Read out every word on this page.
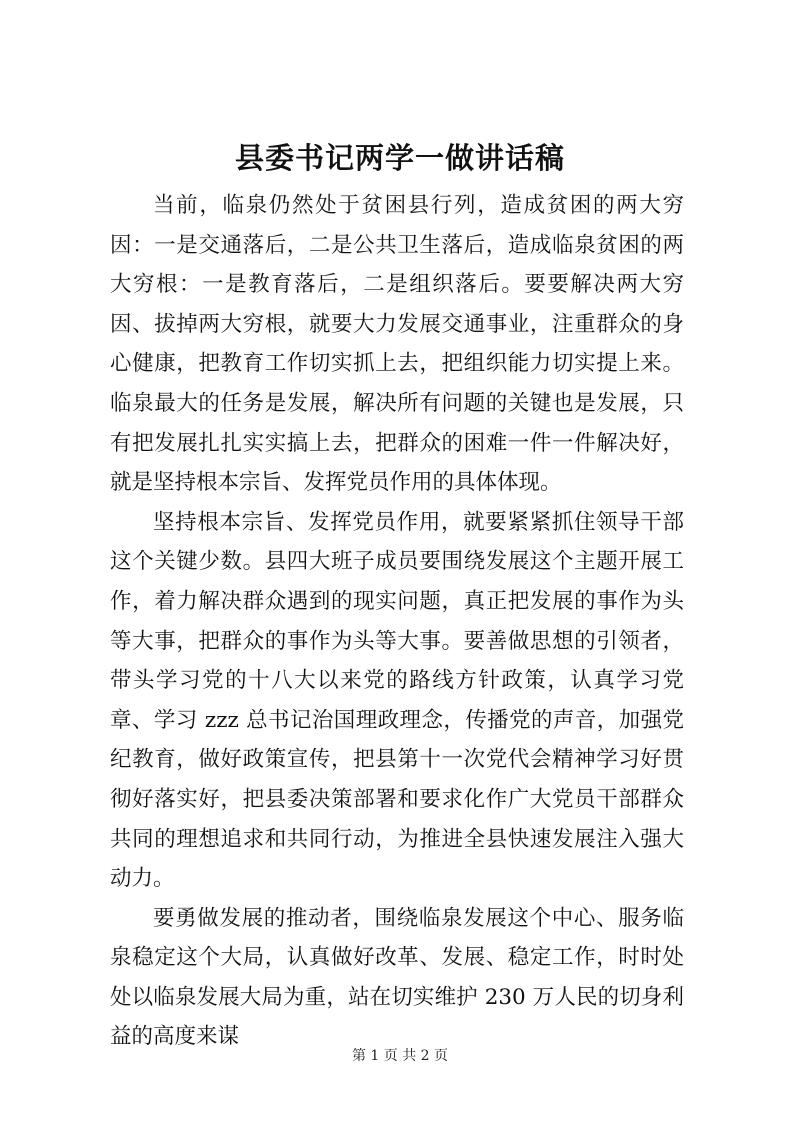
县委书记两学一做讲话稿

当前，临泉仍然处于贫困县行列，造成贫困的两大穷因：一是交通落后，二是公共卫生落后，造成临泉贫困的两大穷根：一是教育落后，二是组织落后。要要解决两大穷因、拔掉两大穷根，就要大力发展交通事业，注重群众的身心健康，把教育工作切实抓上去，把组织能力切实提上来。临泉最大的任务是发展，解决所有问题的关键也是发展，只有把发展扎扎实实搞上去，把群众的困难一件一件解决好，就是坚持根本宗旨、发挥党员作用的具体体现。

坚持根本宗旨、发挥党员作用，就要紧紧抓住领导干部这个关键少数。县四大班子成员要围绕发展这个主题开展工作，着力解决群众遇到的现实问题，真正把发展的事作为头等大事，把群众的事作为头等大事。要善做思想的引领者，带头学习党的十八大以来党的路线方针政策，认真学习党章、学习 zzz 总书记治国理政理念，传播党的声音，加强党纪教育，做好政策宣传，把县第十一次党代会精神学习好贯彻好落实好，把县委决策部署和要求化作广大党员干部群众共同的理想追求和共同行动，为推进全县快速发展注入强大动力。

要勇做发展的推动者，围绕临泉发展这个中心、服务临泉稳定这个大局，认真做好改革、发展、稳定工作，时时处处以临泉发展大局为重，站在切实维护 230 万人民的切身利益的高度来谋

第 1 页 共 2 页
